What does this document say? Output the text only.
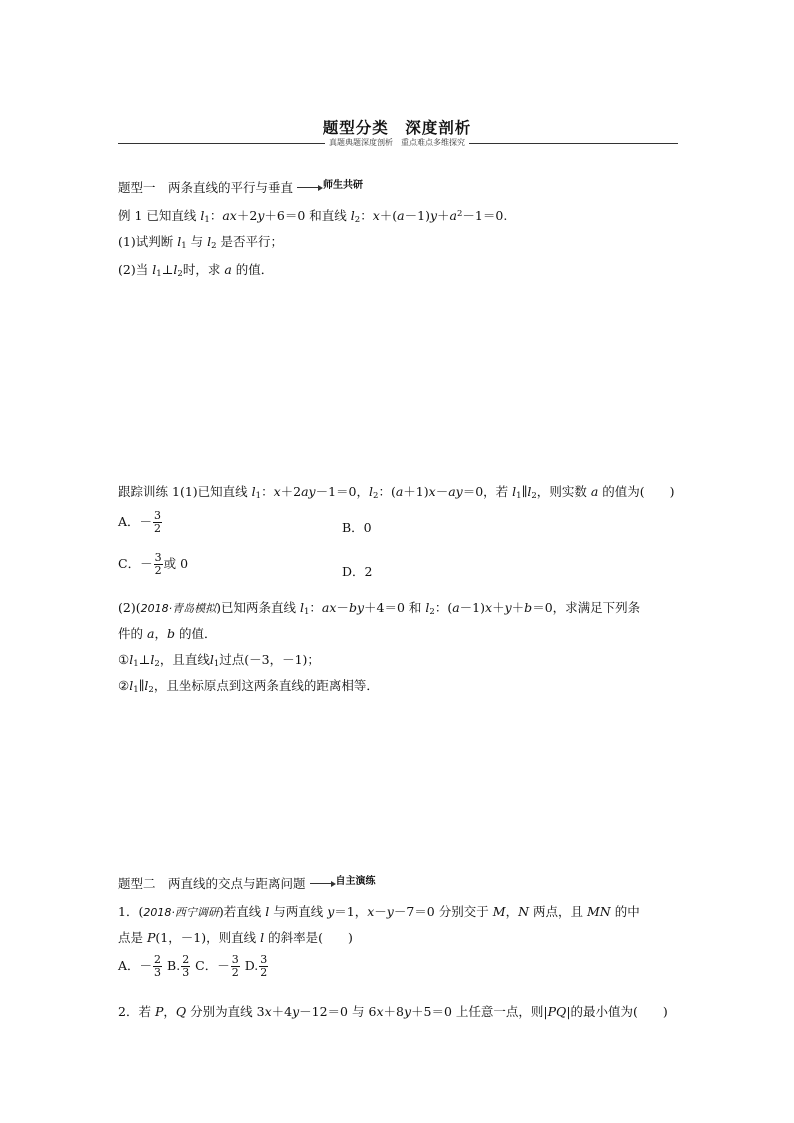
题型分类　深度剖析
真题典题深度剖析　重点难点多维探究
题型一　两条直线的平行与垂直	$^{师生共研}$
例 1 已知直线 $l_1$：ax＋2y＋6＝0 和直线 $l_2$：$x+(a-1)y+a^2-1=0$.
(1)试判断 $l_1$ 与 $l_2$ 是否平行；
(2)当 $l_1\perp l_2$时，求 a 的值．
跟踪训练 1(1)已知直线 $l_1$：x＋2ay－1＝0，$l_2$：(a＋1)x－ay＝0，若 $l_1\parallel l_2$，则实数 a 的值为(　　)
A．－ $\frac{3}{2}$	B．0
C．－ $\frac{3}{2}$ 或 0
D．2
(2)(2018·青岛模拟)已知两条直线 $l_1$：ax－by＋4＝0 和 $l_2$：(a－1)x＋y＋b＝0，求满足下列条
件的 a，b 的值．
$①l_1\perp l_2$，且直线$l_1$过点(－3，－1)；
$②l_1\parallel l_2$，且坐标原点到这两条直线的距离相等．
题型二　两直线的交点与距离问题	$^{自主演练}$
1．(2018·西宁调研)若直线 l 与两直线 y＝1，x－y－7＝0 分别交于 M，N 两点，且 MN 的中
点是 P(1，－1)，则直线 l 的斜率是(　　)
A．－ $\frac{2}{3} B$. $\frac{2}{3}$ C．－ $\frac{3}{2} D$. $\frac{3}{2}$
2．若 P，Q 分别为直线 3x＋4y－12＝0 与 6x＋8y＋5＝0 上任意一点，则|PQ|的最小值为(　　)
